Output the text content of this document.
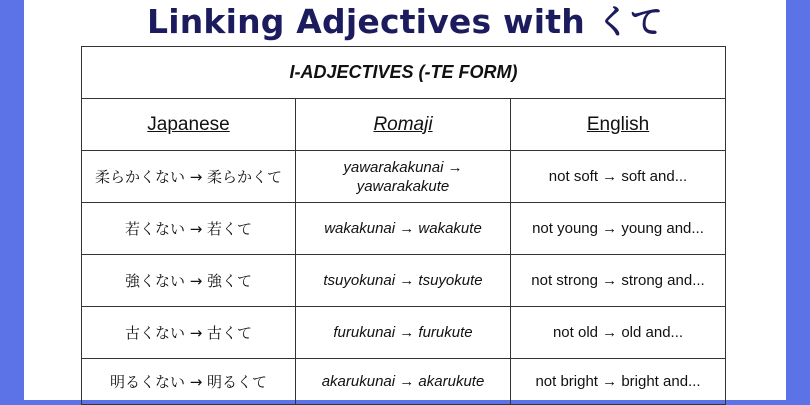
Linking Adjectives with くて
I-ADJECTIVES (-TE FORM)		
Japanese	Romaji	English
柔らかくない → 柔らかくて	yawarakakunai → yawarakakute	not soft → soft and...
若くない → 若くて	wakakunai → wakakute	not young → young and...
強くない → 強くて	tsuyokunai → tsuyokute	not strong → strong and...
古くない → 古くて	furukunai → furukute	not old → old and...
明るくない → 明るくて	akarukunai → akarukute	not bright → bright and...
